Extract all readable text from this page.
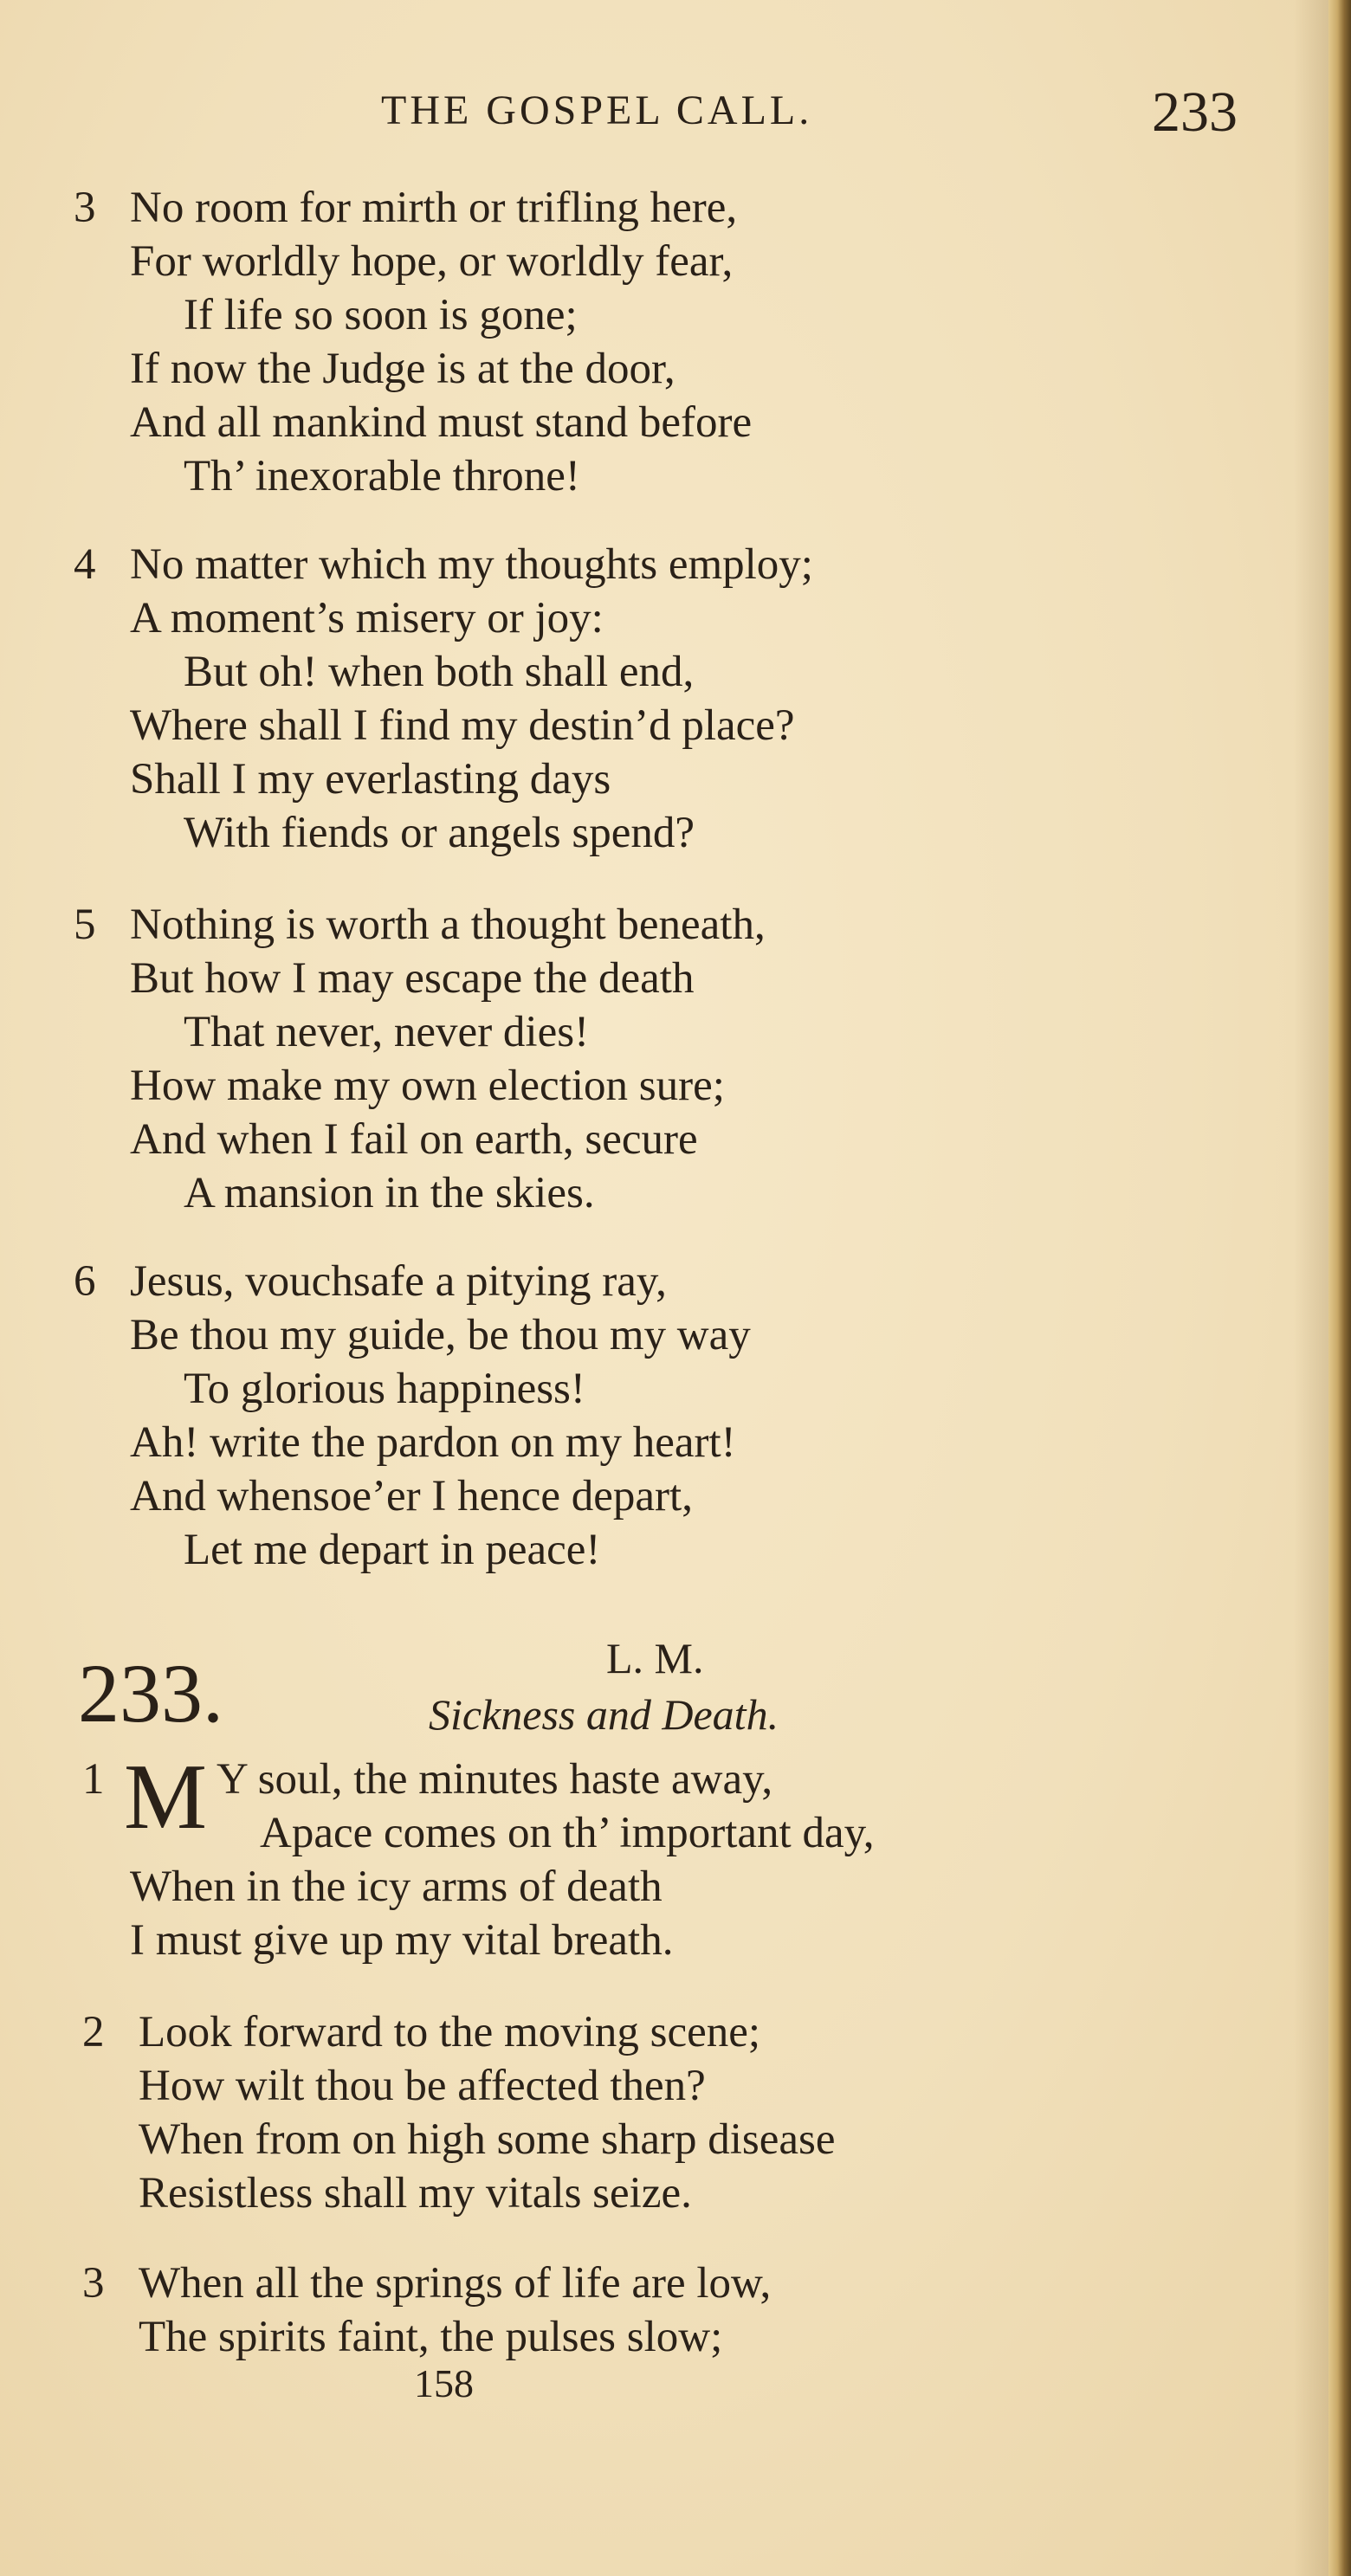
THE GOSPEL CALL.	233
3 No room for mirth or trifling here,
For worldly hope, or worldly fear,
If life so soon is gone;
If now the Judge is at the door,
And all mankind must stand before
Th’ inexorable throne!
4 No matter which my thoughts employ;
A moment’s misery or joy:
But oh! when both shall end,
Where shall I find my destin’d place?
Shall I my everlasting days
With fiends or angels spend?
5 Nothing is worth a thought beneath,
But how I may escape the death
That never, never dies!
How make my own election sure;
And when I fail on earth, secure
A mansion in the skies.
6 Jesus, vouchsafe a pitying ray,
Be thou my guide, be thou my way
To glorious happiness!
Ah! write the pardon on my heart!
And whensoe’er I hence depart,
Let me depart in peace!
233.	L. M.
Sickness and Death.
1 M Y soul, the minutes haste away,
Apace comes on th’ important day,
When in the icy arms of death
I must give up my vital breath.
2 Look forward to the moving scene;
How wilt thou be affected then?
When from on high some sharp disease
Resistless shall my vitals seize.
3 When all the springs of life are low,
The spirits faint, the pulses slow;
158
